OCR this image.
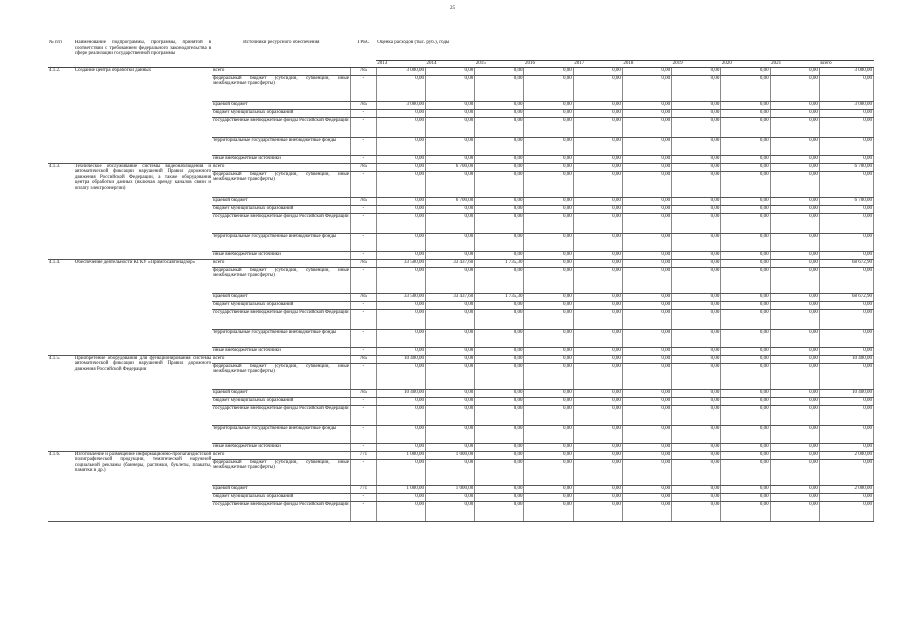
25
№ п/п	Наименование подпрограммы, программы, принятой в соответствии с требованием федерального законодательства в сфере реализации государственной программы	Источники ресурсного обеспечения	ГРБС	Оценка расходов (тыс. руб.), годы									
				2013	2014	2015	2016	2017	2018	2019	2020	2021	всего
4.1.2.	Создание центра обработки данных	всего	785	3 000,00	0,00	0,00	0,00	0,00	0,00	0,00	0,00	0,00	3 000,00
		федеральный бюджет (субсидии, субвенции, иные межбюджетные трансферты)	-	0,00	0,00	0,00	0,00	0,00	0,00	0,00	0,00	0,00	0,00
		краевой бюджет	785	3 000,00	0,00	0,00	0,00	0,00	0,00	0,00	0,00	0,00	3 000,00
		бюджет муниципальных образований	-	0,00	0,00	0,00	0,00	0,00	0,00	0,00	0,00	0,00	0,00
		государственные внебюджетные фонды Российской Федерации	-	0,00	0,00	0,00	0,00	0,00	0,00	0,00	0,00	0,00	0,00
		территориальные государственные внебюджетные фонды	-	0,00	0,00	0,00	0,00	0,00	0,00	0,00	0,00	0,00	0,00
		иные внебюджетные источники	-	0,00	0,00	0,00	0,00	0,00	0,00	0,00	0,00	0,00	0,00
4.1.3.	Техническое обслуживание системы видеонаблюдения и автоматической фиксации нарушений Правил дорожного движения Российской Федерации, а также оборудования центра обработки данных (включая аренду каналов связи и оплату электроэнергии)	всего	785	0,00	6 700,00	0,00	0,00	0,00	0,00	0,00	0,00	0,00	6 700,00
		федеральный бюджет (субсидии, субвенции, иные межбюджетные трансферты)	-	0,00	0,00	0,00	0,00	0,00	0,00	0,00	0,00	0,00	0,00
		краевой бюджет	785	0,00	6 700,00	0,00	0,00	0,00	0,00	0,00	0,00	0,00	6 700,00
		бюджет муниципальных образований	-	0,00	0,00	0,00	0,00	0,00	0,00	0,00	0,00	0,00	0,00
		государственные внебюджетные фонды Российской Федерации	-	0,00	0,00	0,00	0,00	0,00	0,00	0,00	0,00	0,00	0,00
		территориальные государственные внебюджетные фонды	-	0,00	0,00	0,00	0,00	0,00	0,00	0,00	0,00	0,00	0,00
		иные внебюджетные источники	-	0,00	0,00	0,00	0,00	0,00	0,00	0,00	0,00	0,00	0,00
4.1.4.	Обеспечение деятельности КГКУ «Примгосавтонадзор»	всего	785	33 500,00	33 437,60	1 735,30	0,00	0,00	0,00	0,00	0,00	0,00	68 672,90
		федеральный бюджет (субсидии, субвенции, иные межбюджетные трансферты)	-	0,00	0,00	0,00	0,00	0,00	0,00	0,00	0,00	0,00	0,00
		краевой бюджет	785	33 500,00	33 437,60	1 735,30	0,00	0,00	0,00	0,00	0,00	0,00	68 672,90
		бюджет муниципальных образований	-	0,00	0,00	0,00	0,00	0,00	0,00	0,00	0,00	0,00	0,00
		государственные внебюджетные фонды Российской Федерации	-	0,00	0,00	0,00	0,00	0,00	0,00	0,00	0,00	0,00	0,00
		территориальные государственные внебюджетные фонды	-	0,00	0,00	0,00	0,00	0,00	0,00	0,00	0,00	0,00	0,00
		иные внебюджетные источники	-	0,00	0,00	0,00	0,00	0,00	0,00	0,00	0,00	0,00	0,00
4.1.5.	Приобретение оборудования для функционирования системы автоматической фиксации нарушений Правил дорожного движения Российской Федерации	всего	785	10 400,00	0,00	0,00	0,00	0,00	0,00	0,00	0,00	0,00	10 400,00
		федеральный бюджет (субсидии, субвенции, иные межбюджетные трансферты)	-	0,00	0,00	0,00	0,00	0,00	0,00	0,00	0,00	0,00	0,00
		краевой бюджет	785	10 400,00	0,00	0,00	0,00	0,00	0,00	0,00	0,00	0,00	10 400,00
		бюджет муниципальных образований	-	0,00	0,00	0,00	0,00	0,00	0,00	0,00	0,00	0,00	0,00
		государственные внебюджетные фонды Российской Федерации	-	0,00	0,00	0,00	0,00	0,00	0,00	0,00	0,00	0,00	0,00
		территориальные государственные внебюджетные фонды	-	0,00	0,00	0,00	0,00	0,00	0,00	0,00	0,00	0,00	0,00
		иные внебюджетные источники	-	0,00	0,00	0,00	0,00	0,00	0,00	0,00	0,00	0,00	0,00
4.1.6.	Изготовление и размещение информационно-пропагандистской полиграфической продукции, тематической наружной социальной рекламы (баннеры, растяжки, буклеты, плакаты, памятки и др.)	всего	771	1 000,00	1 000,00	0,00	0,00	0,00	0,00	0,00	0,00	0,00	2 000,00
		федеральный бюджет (субсидии, субвенции, иные межбюджетные трансферты)	-	0,00	0,00	0,00	0,00	0,00	0,00	0,00	0,00	0,00	0,00
		краевой бюджет	771	1 000,00	1 000,00	0,00	0,00	0,00	0,00	0,00	0,00	0,00	2 000,00
		бюджет муниципальных образований	-	0,00	0,00	0,00	0,00	0,00	0,00	0,00	0,00	0,00	0,00
		государственные внебюджетные фонды Российской Федерации	-	0,00	0,00	0,00	0,00	0,00	0,00	0,00	0,00	0,00	0,00
